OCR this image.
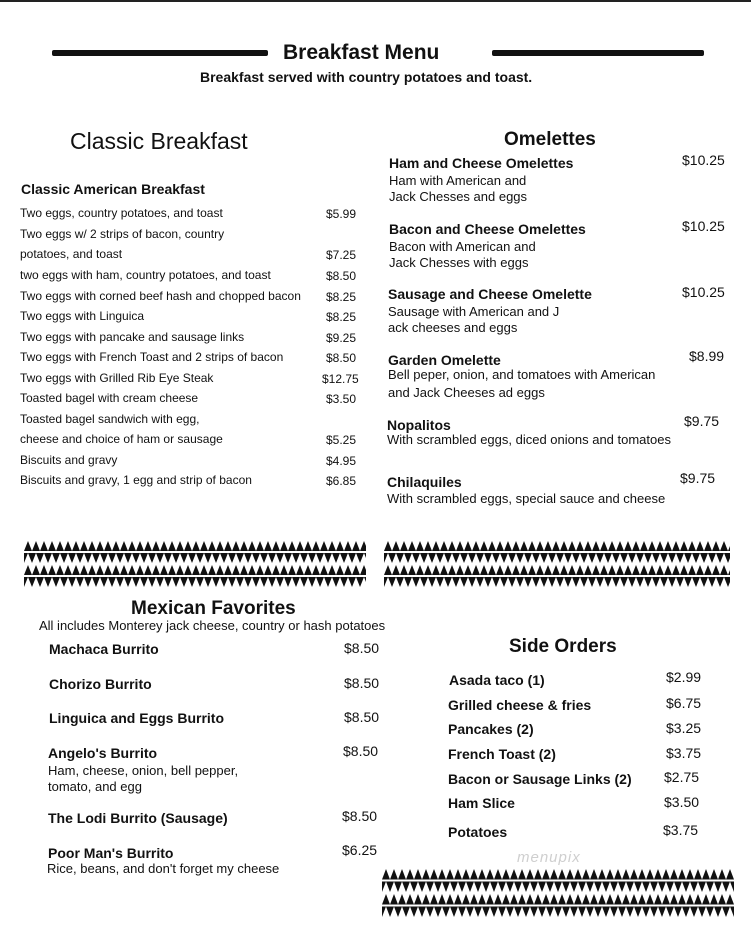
Breakfast Menu
Breakfast served with country potatoes and toast.
Classic Breakfast
Classic American Breakfast
Two eggs, country potatoes, and toast	$5.99
Two eggs w/ 2 strips of bacon, country
potatoes, and toast	$7.25
two eggs with ham, country potatoes, and toast	$8.50
Two eggs with corned beef hash and chopped bacon $8.25
Two eggs with Linguica	$8.25
Two eggs with pancake and sausage links	$9.25
Two eggs with French Toast and 2 strips of bacon	$8.50
Two eggs with Grilled Rib Eye Steak	$12.75
Toasted bagel with cream cheese	$3.50
Toasted bagel sandwich with egg,
cheese and choice of ham or sausage	$5.25
Biscuits and gravy	$4.95
Biscuits and gravy, 1 egg and strip of bacon	$6.85
Omelettes
Ham and Cheese Omelettes	$10.25
Ham with American and
Jack Chesses and eggs
Bacon and Cheese Omelettes	$10.25
Bacon with American and
Jack Chesses with eggs
Sausage and Cheese Omelette	$10.25
Sausage with American and J
ack cheeses and eggs
Garden Omelette	$8.99
Bell peper, onion, and tomatoes with American
and Jack Cheeses ad eggs
Nopalitos	$9.75
With scrambled eggs, diced onions and tomatoes
Chilaquiles	$9.75
With scrambled eggs, special sauce and cheese
Mexican Favorites
All includes Monterey jack cheese, country or hash potatoes
Machaca Burrito	$8.50
Chorizo Burrito	$8.50
Linguica and Eggs Burrito	$8.50
Angelo's Burrito	$8.50
Ham, cheese, onion, bell pepper,
tomato, and egg
The Lodi Burrito (Sausage)	$8.50
Poor Man's Burrito	$6.25
Rice, beans, and don't forget my cheese
Side Orders
Asada taco (1)	$2.99
Grilled cheese & fries	$6.75
Pancakes (2)	$3.25
French Toast (2)	$3.75
Bacon or Sausage Links (2) $2.75
Ham Slice	$3.50
Potatoes	$3.75
menupix
